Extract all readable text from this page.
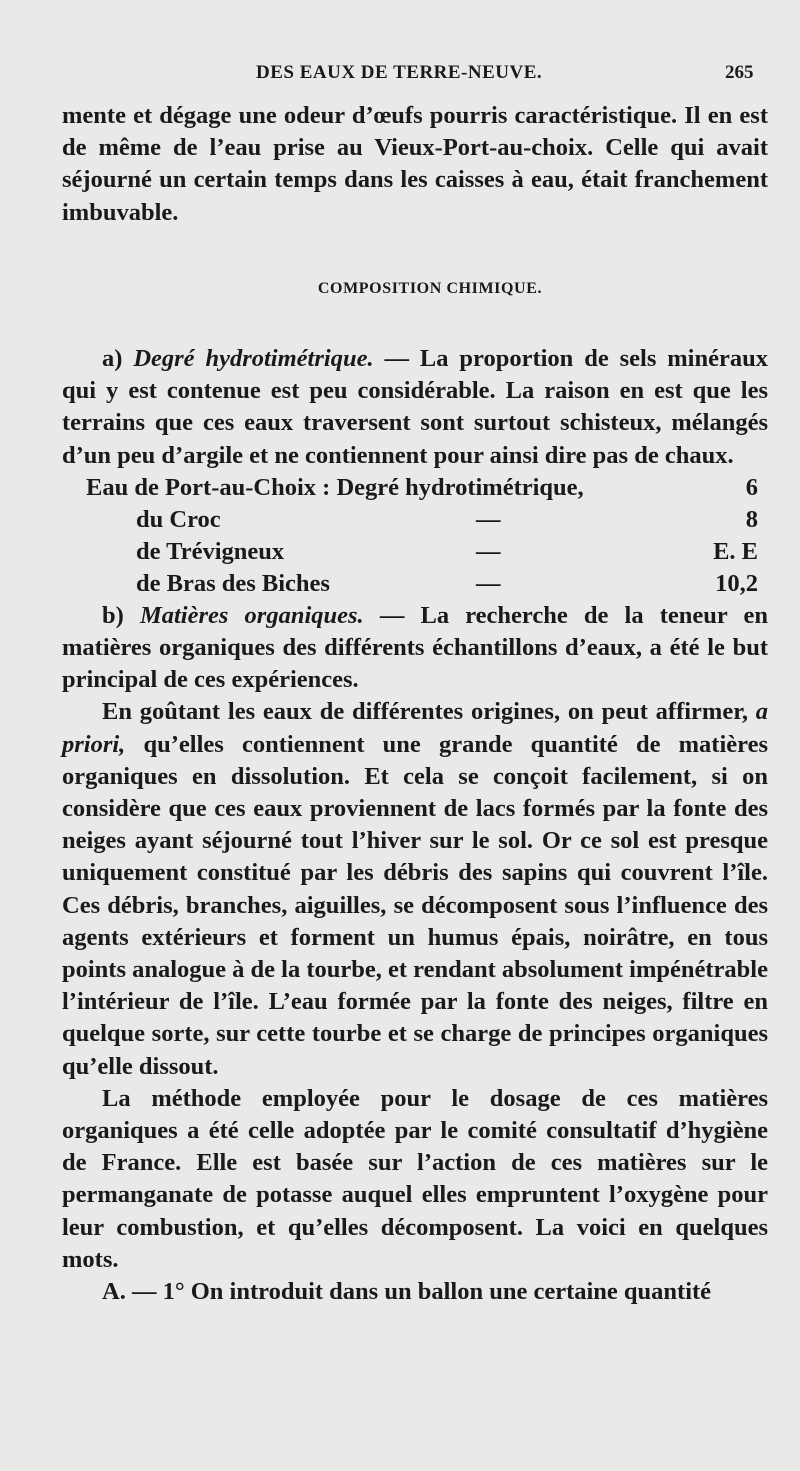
DES EAUX DE TERRE-NEUVE.	265

mente et dégage une odeur d’œufs pourris caractéristique. Il en est de même de l’eau prise au Vieux-Port-au-choix. Celle qui avait séjourné un certain temps dans les caisses à eau, était franchement imbuvable.

COMPOSITION CHIMIQUE.

a) Degré hydrotimétrique. — La proportion de sels minéraux qui y est contenue est peu considérable. La raison en est que les terrains que ces eaux traversent sont surtout schisteux, mélangés d’un peu d’argile et ne contiennent pour ainsi dire pas de chaux.

Eau de Port-au-Choix : Degré hydrotimétrique,	6
du Croc	—	8
de Trévigneux	—	E. E
de Bras des Biches	—	10,2

b) Matières organiques. — La recherche de la teneur en matières organiques des différents échantillons d’eaux, a été le but principal de ces expériences.

En goûtant les eaux de différentes origines, on peut affirmer, a priori, qu’elles contiennent une grande quantité de matières organiques en dissolution. Et cela se conçoit facilement, si on considère que ces eaux proviennent de lacs formés par la fonte des neiges ayant séjourné tout l’hiver sur le sol. Or ce sol est presque uniquement constitué par les débris des sapins qui couvrent l’île. Ces débris, branches, aiguilles, se décomposent sous l’influence des agents extérieurs et forment un humus épais, noirâtre, en tous points analogue à de la tourbe, et rendant absolument impénétrable l’intérieur de l’île. L’eau formée par la fonte des neiges, filtre en quelque sorte, sur cette tourbe et se charge de principes organiques qu’elle dissout.

La méthode employée pour le dosage de ces matières organiques a été celle adoptée par le comité consultatif d’hygiène de France. Elle est basée sur l’action de ces matières sur le permanganate de potasse auquel elles empruntent l’oxygène pour leur combustion, et qu’elles décomposent. La voici en quelques mots.

A. — 1° On introduit dans un ballon une certaine quantité
